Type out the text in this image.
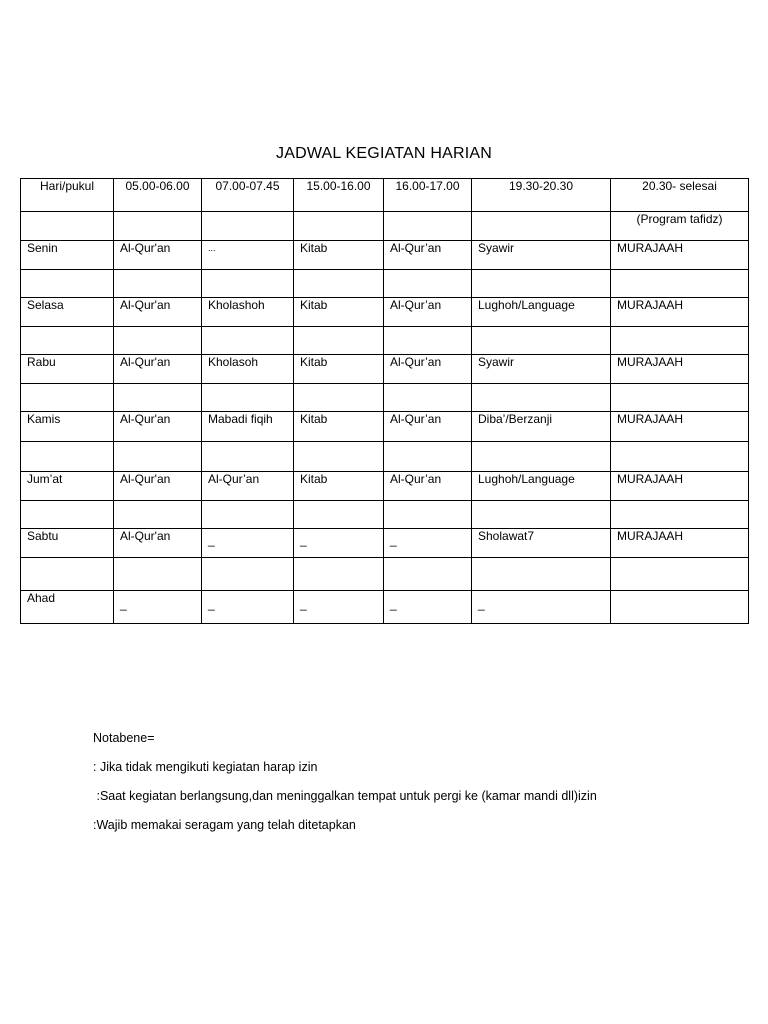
JADWAL KEGIATAN HARIAN
Hari/pukul	05.00-06.00	07.00-07.45	15.00-16.00	16.00-17.00	19.30-20.30	20.30- selesai
						(Program tafidz)
Senin	Al-Qur'an	...	Kitab	Al-Qur’an	Syawir	MURAJAAH

Selasa	Al-Qur'an	Kholashoh	Kitab	Al-Qur’an	Lughoh/Language	MURAJAAH

Rabu	Al-Qur'an	Kholasoh	Kitab	Al-Qur’an	Syawir	MURAJAAH

Kamis	Al-Qur'an	Mabadi fiqih	Kitab	Al-Qur’an	Diba’/Berzanji	MURAJAAH

Jum’at	Al-Qur'an	Al-Qur’an	Kitab	Al-Qur’an	Lughoh/Language	MURAJAAH

Sabtu	Al-Qur'an	_	_	_	Sholawat7	MURAJAAH

Ahad	_	_	_	_	_	
Notabene=
: Jika tidak mengikuti kegiatan harap izin
:Saat kegiatan berlangsung,dan meninggalkan tempat untuk pergi ke (kamar mandi dll)izin
:Wajib memakai seragam yang telah ditetapkan
